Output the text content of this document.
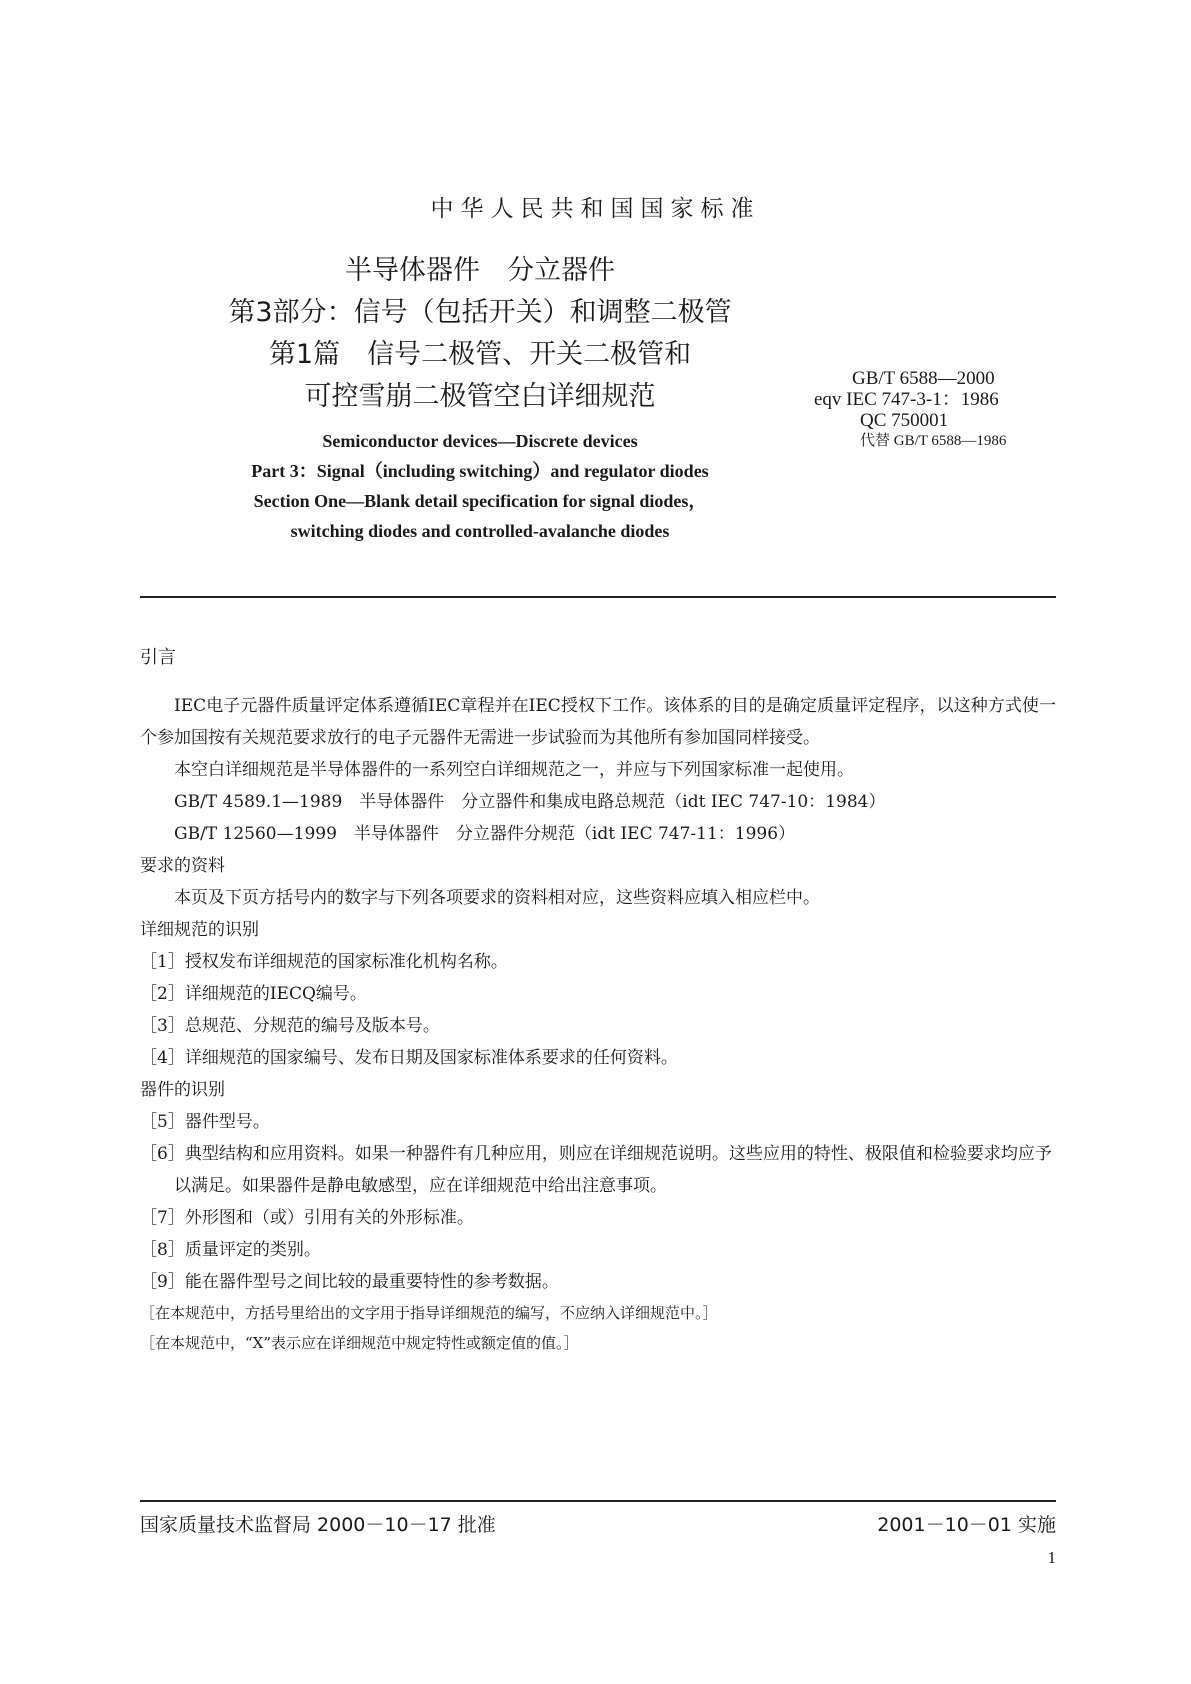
中华人民共和国国家标准
半导体器件　分立器件
第3部分：信号（包括开关）和调整二极管
第1篇　信号二极管、开关二极管和
可控雪崩二极管空白详细规范
GB/T 6588—2000
eqv IEC 747-3-1：1986
QC 750001
代替 GB/T 6588—1986
Semiconductor devices—Discrete devices
Part 3：Signal（including switching）and regulator diodes
Section One—Blank detail specification for signal diodes，
switching diodes and controlled-avalanche diodes
引言
IEC电子元器件质量评定体系遵循IEC章程并在IEC授权下工作。该体系的目的是确定质量评定程序，以这种方式使一个参加国按有关规范要求放行的电子元器件无需进一步试验而为其他所有参加国同样接受。
本空白详细规范是半导体器件的一系列空白详细规范之一，并应与下列国家标准一起使用。
GB/T 4589.1—1989　半导体器件　分立器件和集成电路总规范（idt IEC 747-10：1984）
GB/T 12560—1999　半导体器件　分立器件分规范（idt IEC 747-11：1996）
要求的资料
本页及下页方括号内的数字与下列各项要求的资料相对应，这些资料应填入相应栏中。
详细规范的识别
［1］授权发布详细规范的国家标准化机构名称。
［2］详细规范的IECQ编号。
［3］总规范、分规范的编号及版本号。
［4］详细规范的国家编号、发布日期及国家标准体系要求的任何资料。
器件的识别
［5］器件型号。
［6］典型结构和应用资料。如果一种器件有几种应用，则应在详细规范说明。这些应用的特性、极限值和检验要求均应予以满足。如果器件是静电敏感型，应在详细规范中给出注意事项。
［7］外形图和（或）引用有关的外形标准。
［8］质量评定的类别。
［9］能在器件型号之间比较的最重要特性的参考数据。
［在本规范中，方括号里给出的文字用于指导详细规范的编写，不应纳入详细规范中。］
［在本规范中，“X”表示应在详细规范中规定特性或额定值的值。］
国家质量技术监督局 2000－10－17 批准	2001－10－01 实施
1
